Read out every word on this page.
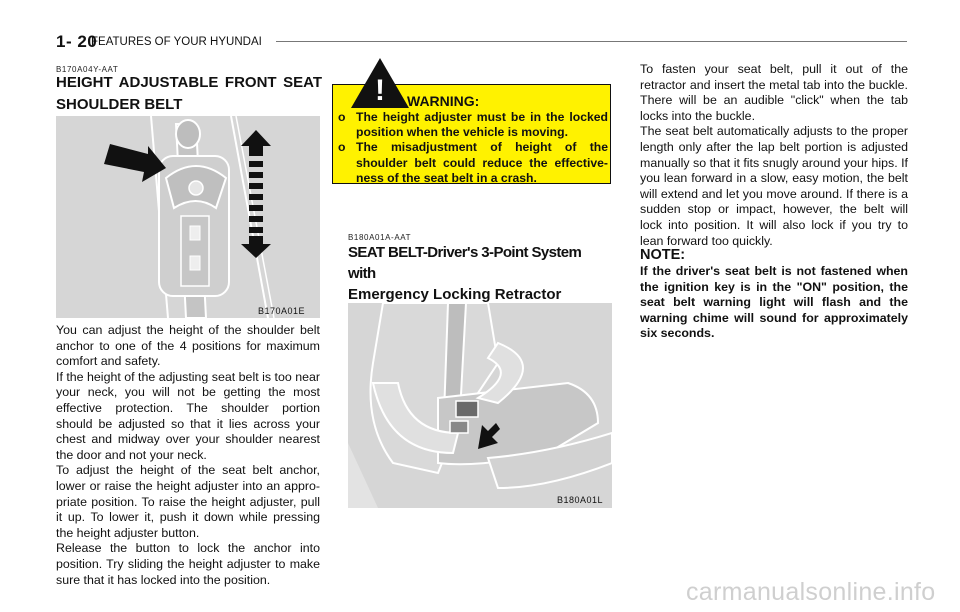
1- 20
FEATURES OF YOUR HYUNDAI
B170A04Y-AAT
HEIGHT ADJUSTABLE FRONT SEAT
SHOULDER BELT
B170A01E
You can adjust the height of the shoulder belt anchor to one of the 4 positions for maximum comfort and safety.
If the height of the adjusting seat belt is too near your neck, you will not be getting the most effective protection. The shoulder portion should be adjusted so that it lies across your chest and midway over your shoulder nearest the door and not your neck.
To adjust the height of the seat belt anchor, lower or raise the height adjuster into an appro- priate position. To raise the height adjuster, pull it up. To lower it, push it down while pressing the height adjuster button.
Release the button to lock the anchor into position. Try sliding the height adjuster to make sure that it has locked into the position.
! WARNING:
o The height adjuster must be in the locked position when the vehicle is moving.
o The misadjustment of height of the shoulder belt could reduce the effective- ness of the seat belt in a crash.
B180A01A-AAT
SEAT BELT-Driver's 3-Point System with
Emergency Locking Retractor
B180A01L
To fasten your seat belt, pull it out of the retractor and insert the metal tab into the buckle. There will be an audible "click" when the tab locks into the buckle.
The seat belt automatically adjusts to the proper length only after the lap belt portion is adjusted manually so that it fits snugly around your hips. If you lean forward in a slow, easy motion, the belt will extend and let you move around. If there is a sudden stop or impact, however, the belt will lock into position. It will also lock if you try to lean forward too quickly.
NOTE:
If the driver's seat belt is not fastened when the ignition key is in the "ON" position, the seat belt warning light will flash and the warning chime will sound for approximately six seconds.
carmanualsonline.info
